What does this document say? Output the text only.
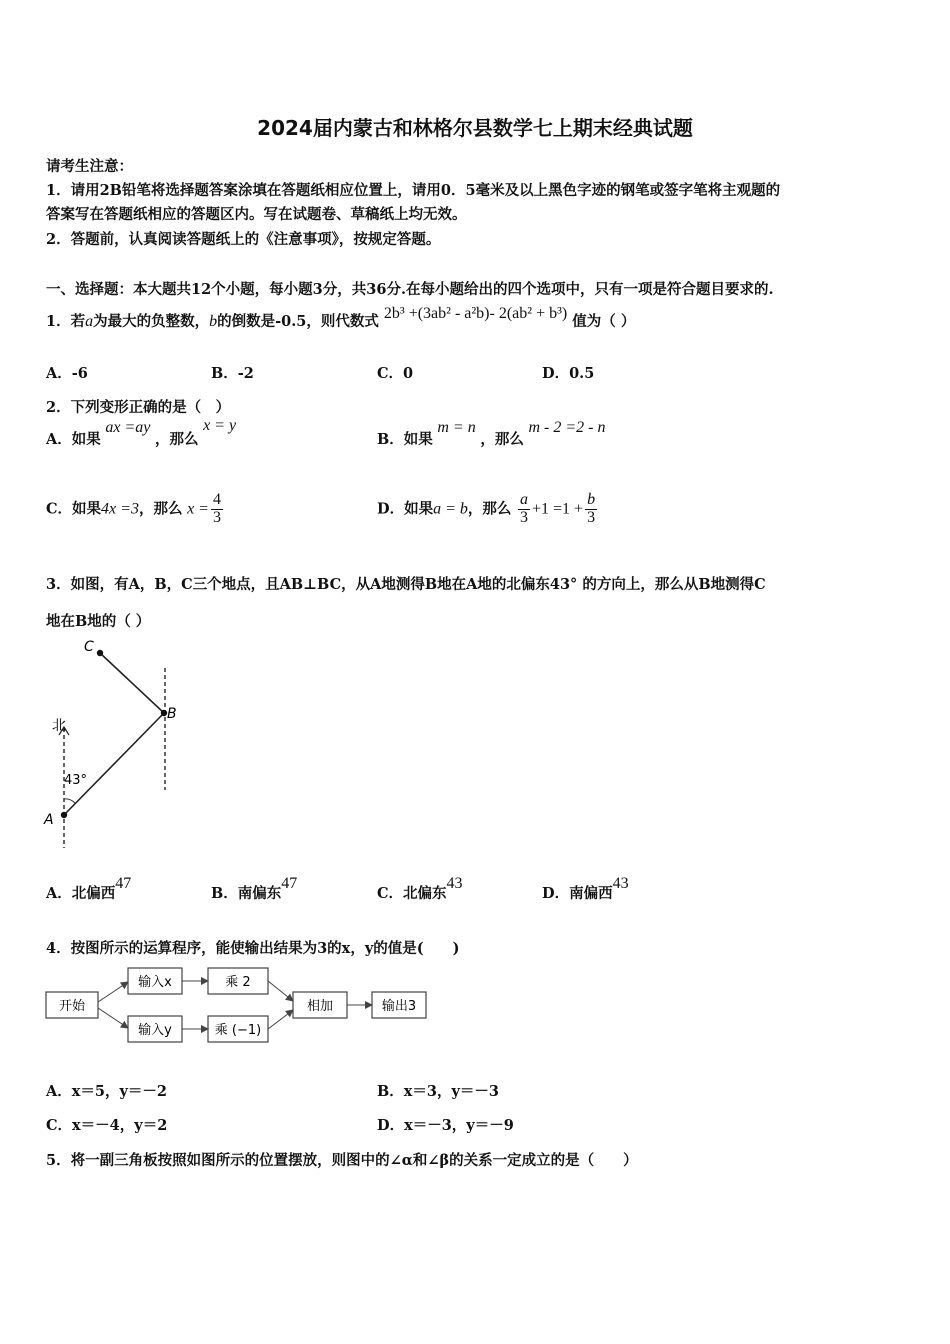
2024届内蒙古和林格尔县数学七上期末经典试题
请考生注意：
1．请用2B铅笔将选择题答案涂填在答题纸相应位置上，请用0．5毫米及以上黑色字迹的钢笔或签字笔将主观题的
答案写在答题纸相应的答题区内。写在试题卷、草稿纸上均无效。
2．答题前，认真阅读答题纸上的《注意事项》，按规定答题。
一、选择题：本大题共12个小题，每小题3分，共36分.在每小题给出的四个选项中，只有一项是符合题目要求的.
1．若a为最大的负整数，b的倒数是-0.5，则代数式 2b³ +(3ab² - a²b)- 2(ab² + b³) 值为（ ）
A．-6	B．-2	C．0	D．0.5
2．下列变形正确的是（　）
A．如果 ax =ay ，那么 x = y
B．如果 m = n ，那么 m - 2 =2 - n
C．如果4x =3，那么 $x = \frac{4}{3}$	D．如果a = b，那么 $\frac{a}{3} +1 =1 + \frac{b}{3}$
3．如图，有A，B，C三个地点，且AB⊥BC，从A地测得B地在A地的北偏东43° 的方向上，那么从B地测得C
地在B地的（ ）
C
B
A
北
43°
A．北偏西47
B．南偏东47
C．北偏东43
D．南偏西43
4．按图所示的运算程序，能使输出结果为3的x，y的值是(　　)
开始
输入x
输入y
乘 2
乘 (−1)
相加	输出3
A．x＝5，y＝－2	B．x＝3，y＝－3
C．x＝－4，y＝2	D．x＝－3，y＝－9
5．将一副三角板按照如图所示的位置摆放，则图中的∠α和∠β的关系一定成立的是（　　）
